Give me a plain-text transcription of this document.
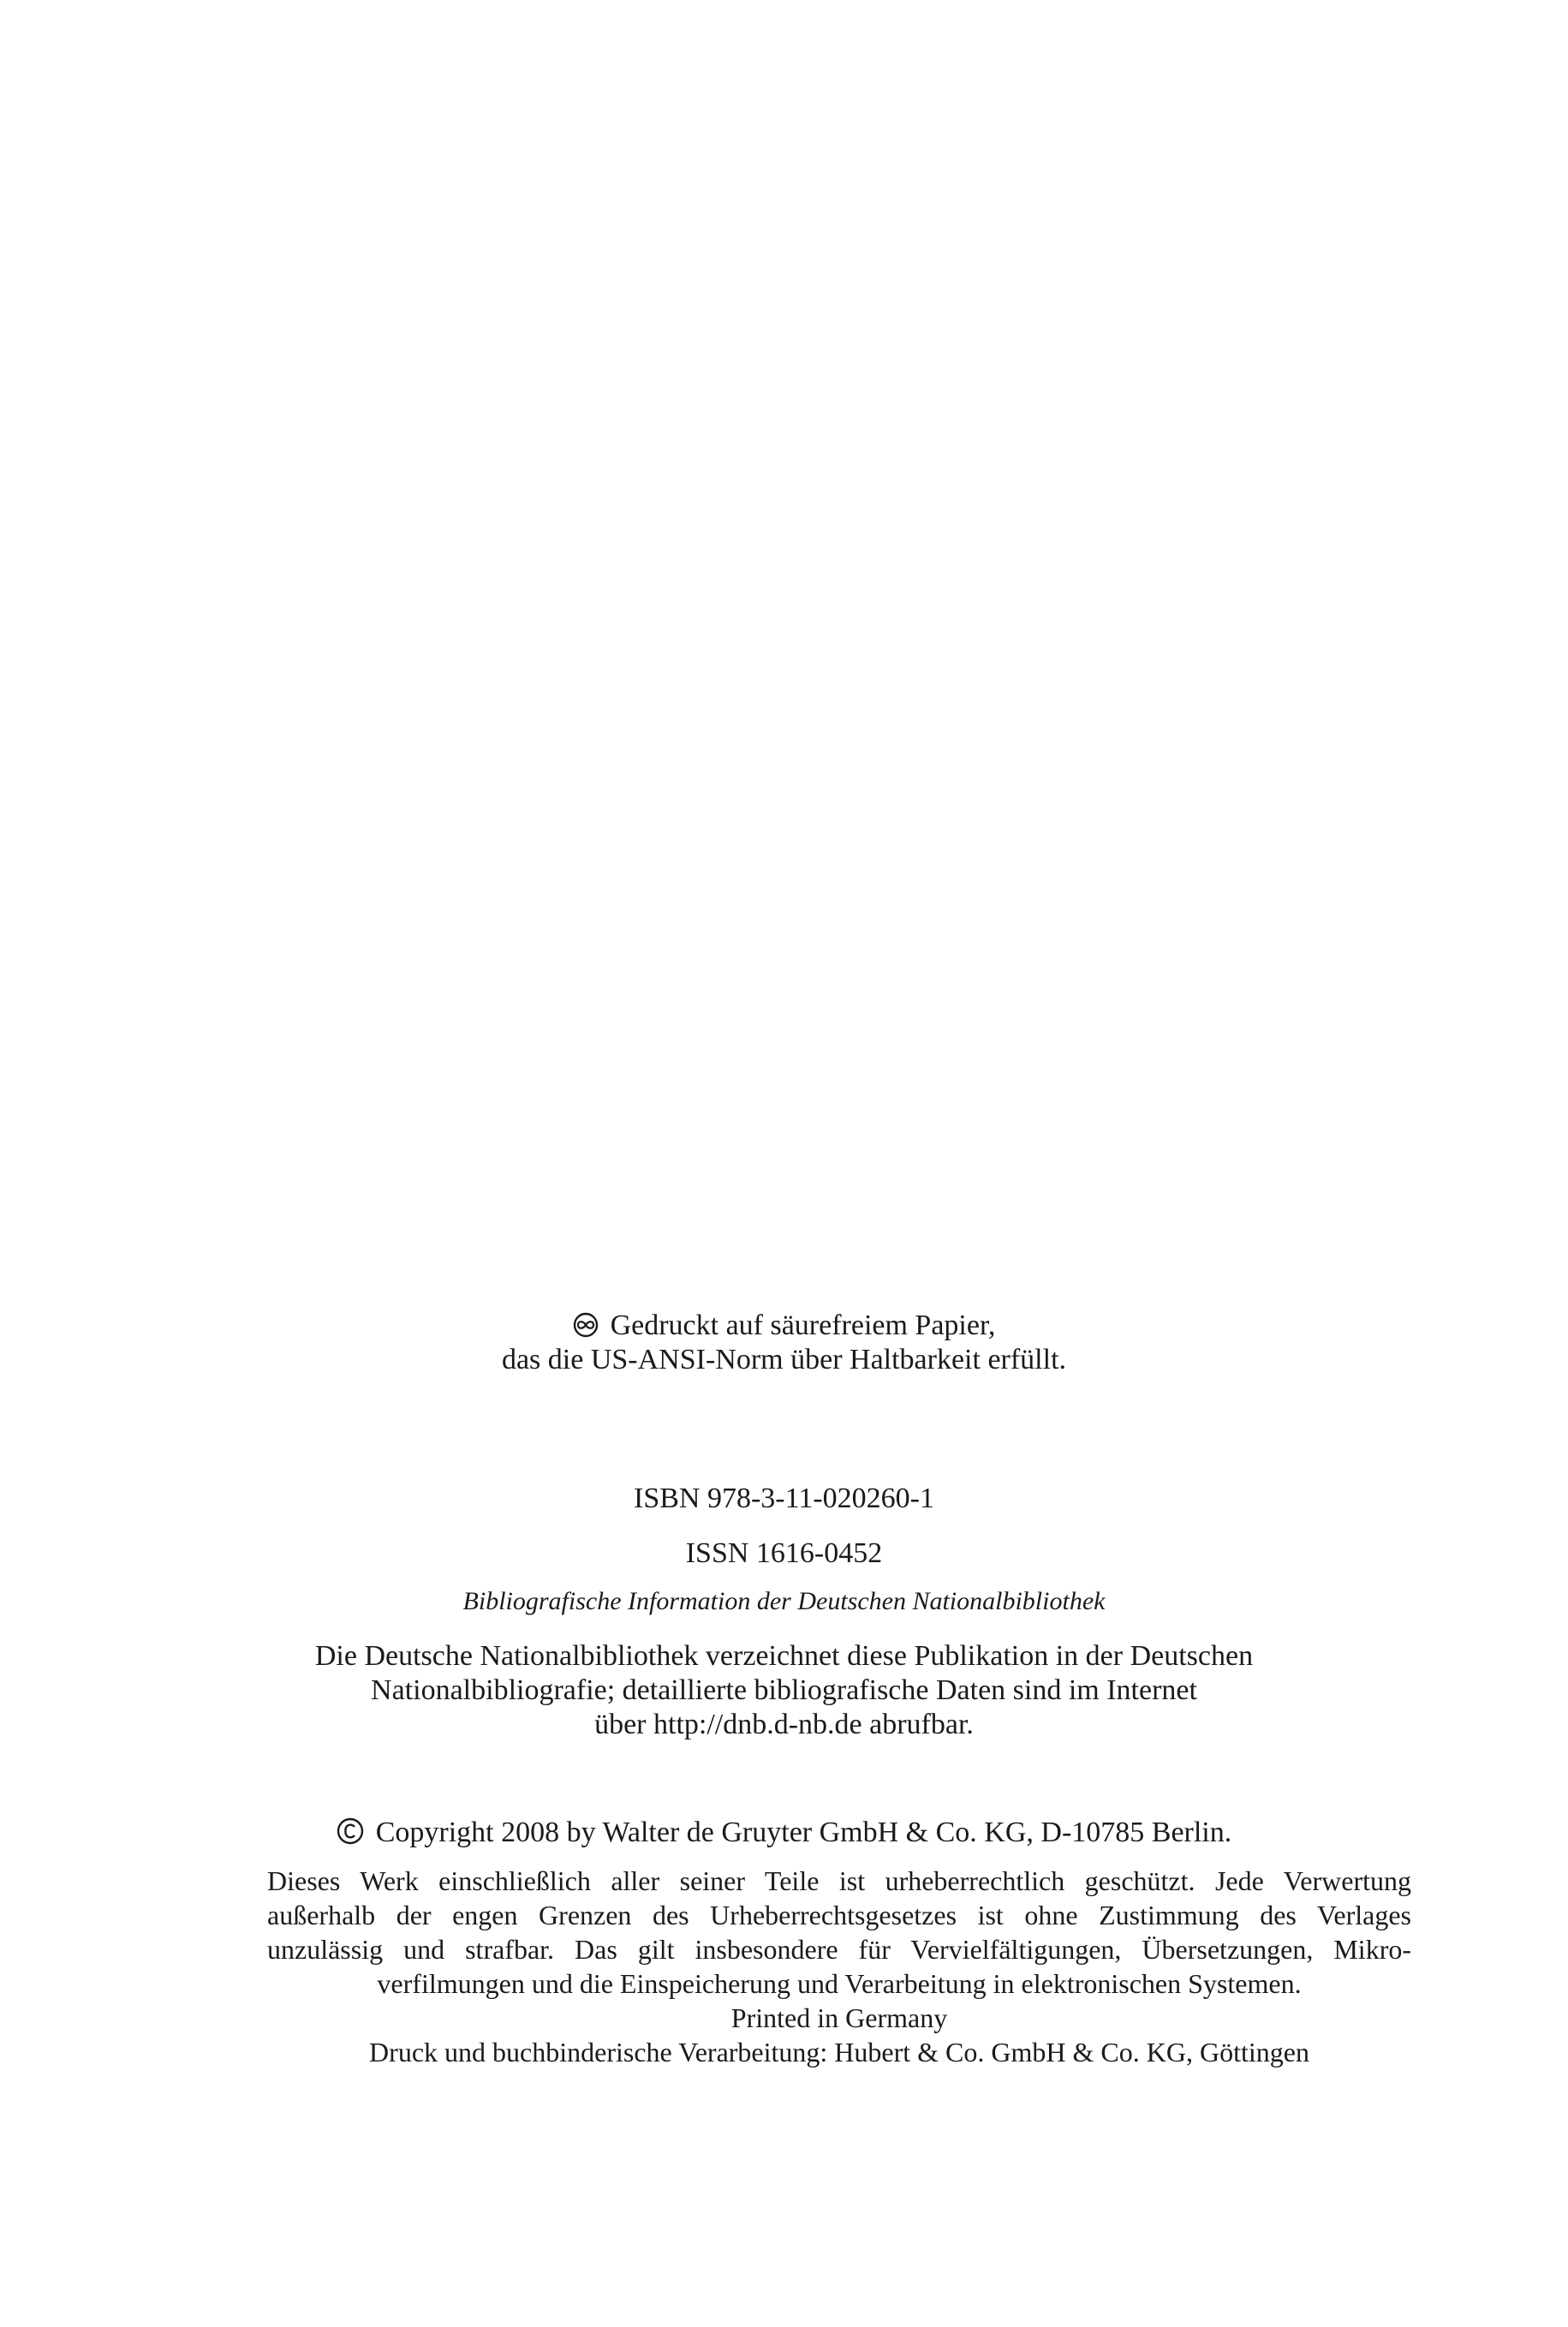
Gedruckt auf säurefreiem Papier,
das die US-ANSI-Norm über Haltbarkeit erfüllt.
ISBN 978-3-11-020260-1
ISSN 1616-0452
Bibliografische Information der Deutschen Nationalbibliothek
Die Deutsche Nationalbibliothek verzeichnet diese Publikation in der Deutschen
Nationalbibliografie; detaillierte bibliografische Daten sind im Internet
über http://dnb.d-nb.de abrufbar.
Copyright 2008 by Walter de Gruyter GmbH & Co. KG, D-10785 Berlin.
Dieses Werk einschließlich aller seiner Teile ist urheberrechtlich geschützt. Jede Verwertung
außerhalb der engen Grenzen des Urheberrechtsgesetzes ist ohne Zustimmung des Verlages
unzulässig und strafbar. Das gilt insbesondere für Vervielfältigungen, Übersetzungen, Mikro-
verfilmungen und die Einspeicherung und Verarbeitung in elektronischen Systemen.
Printed in Germany
Druck und buchbinderische Verarbeitung: Hubert & Co. GmbH & Co. KG, Göttingen
